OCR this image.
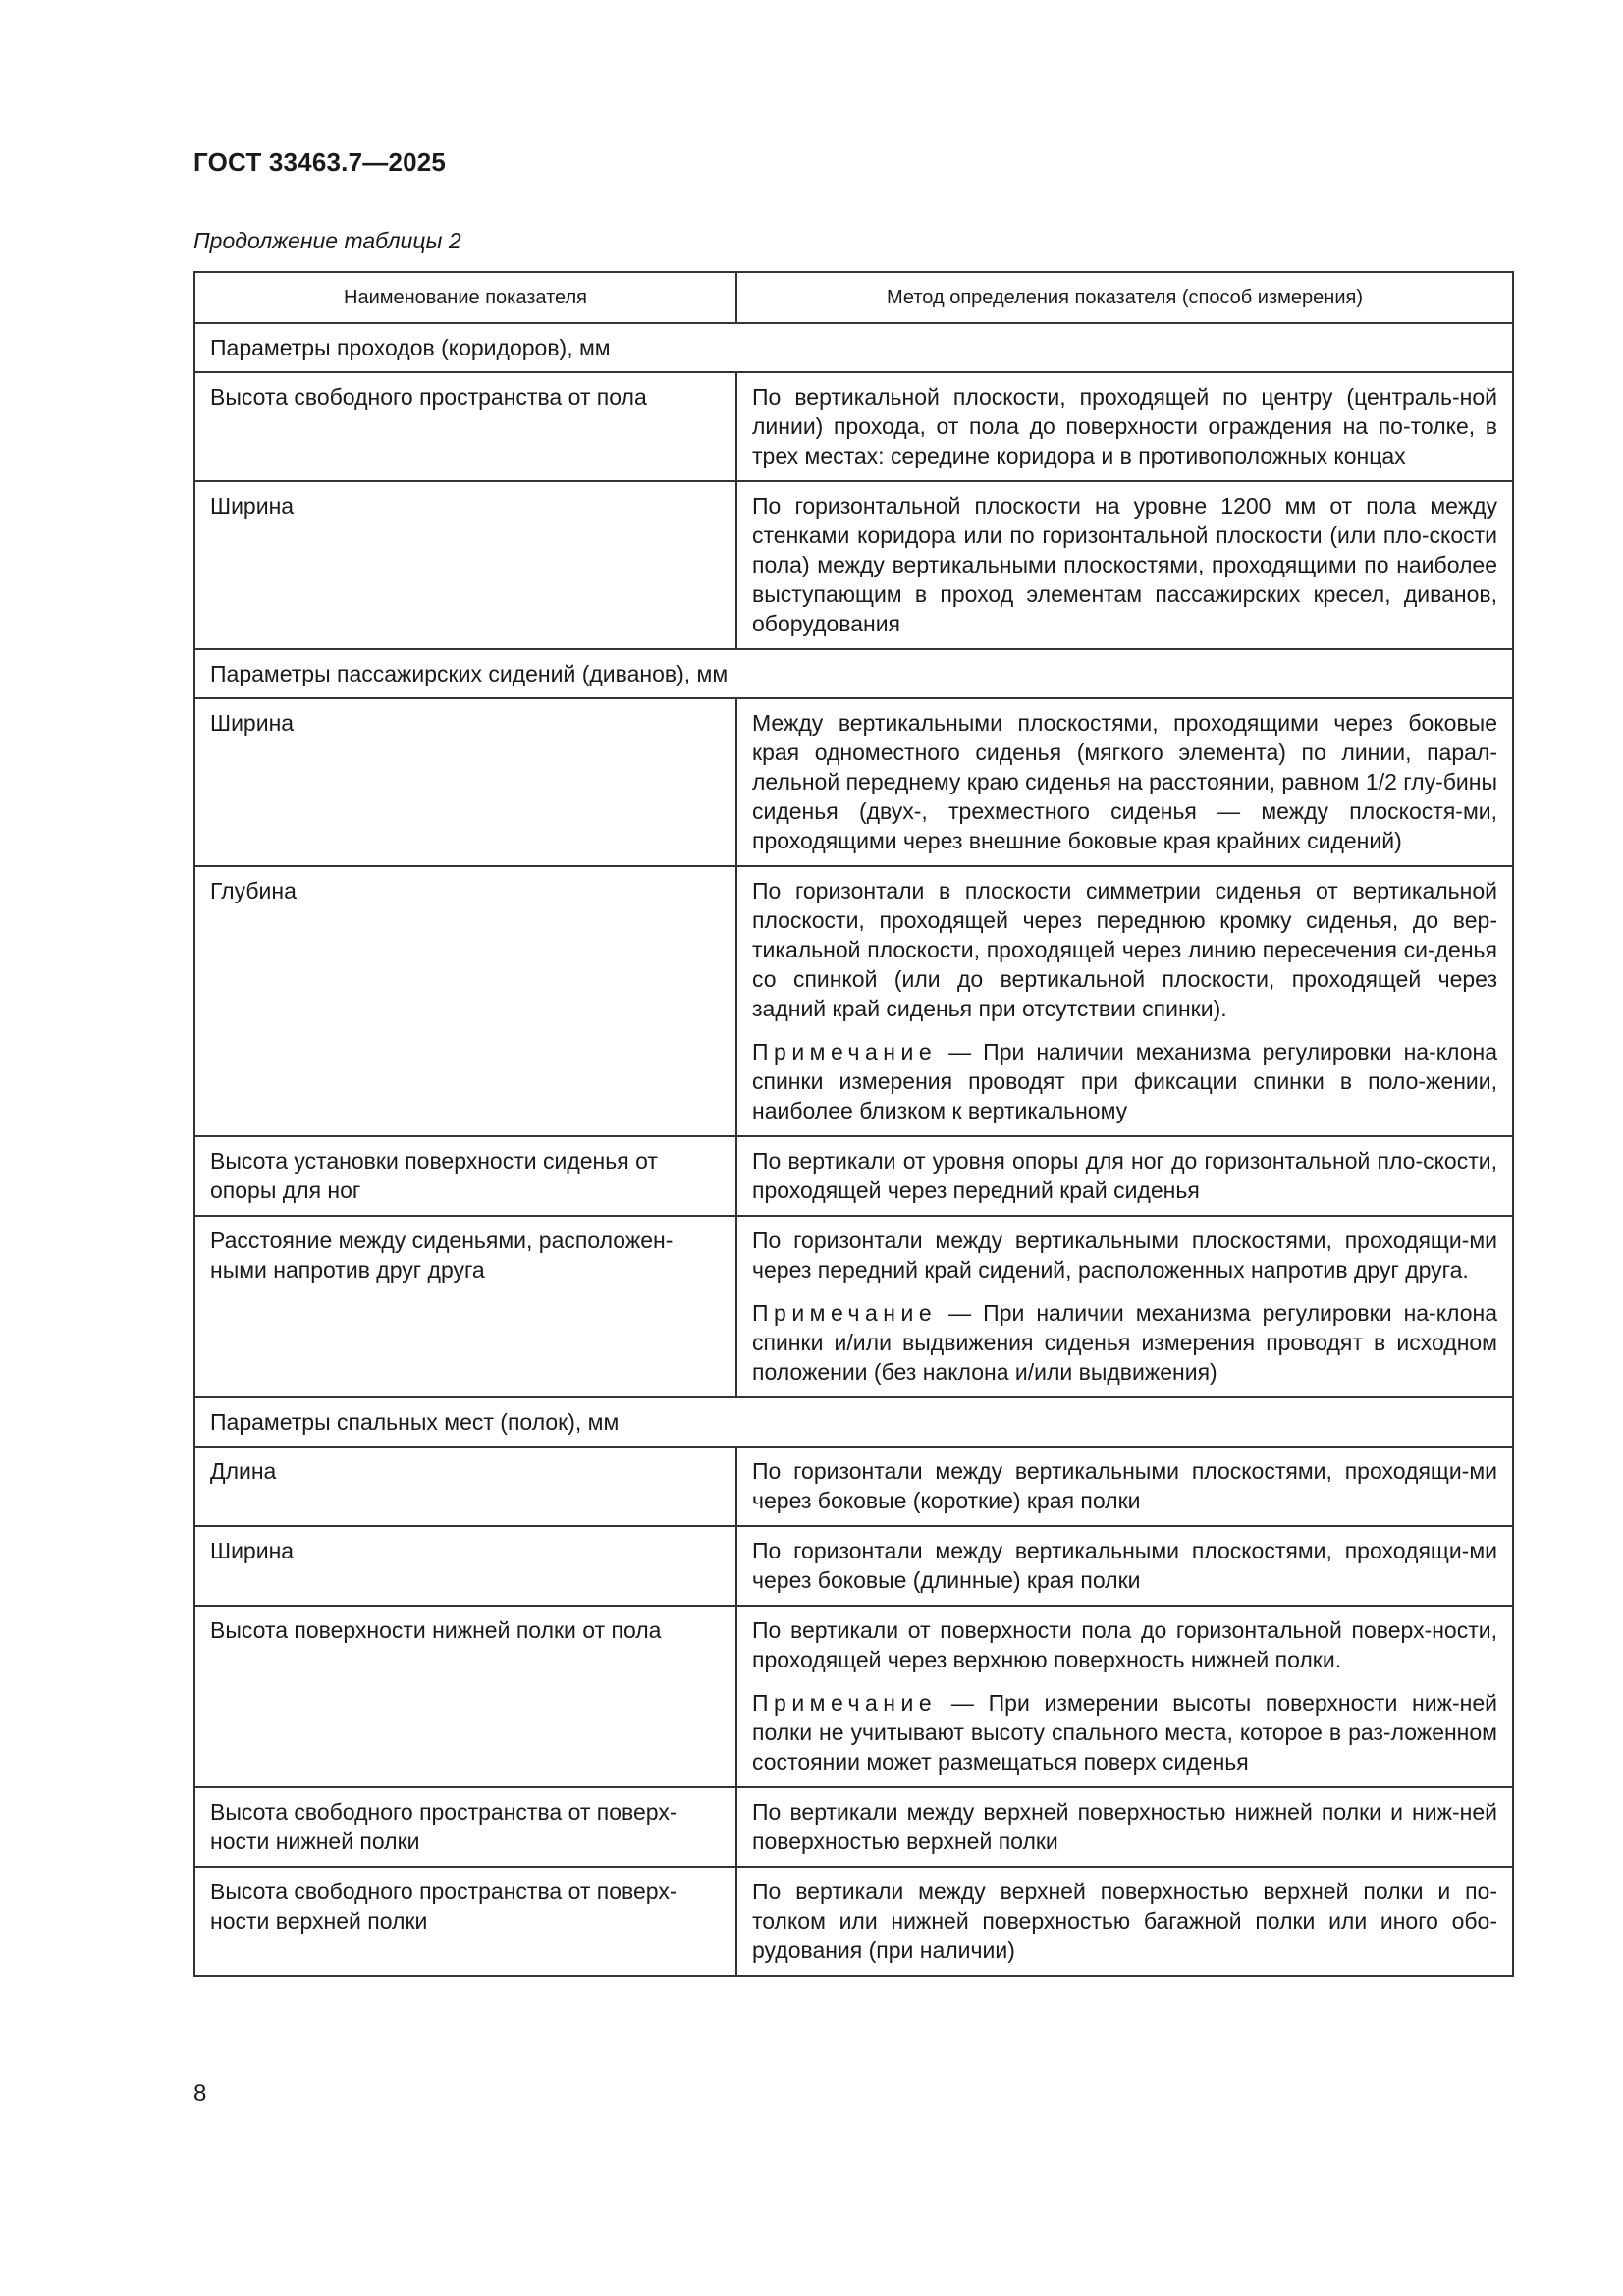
ГОСТ 33463.7—2025
Продолжение таблицы 2
Наименование показателя	Метод определения показателя (способ измерения)
Параметры проходов (коридоров), мм	
Высота свободного пространства от пола	По вертикальной плоскости, проходящей по центру (централь-ной линии) прохода, от пола до поверхности ограждения на по-толке, в трех местах: середине коридора и в противоположных концах
Ширина	По горизонтальной плоскости на уровне 1200 мм от пола между стенками коридора или по горизонтальной плоскости (или пло-скости пола) между вертикальными плоскостями, проходящими по наиболее выступающим в проход элементам пассажирских кресел, диванов, оборудования
Параметры пассажирских сидений (диванов), мм	
Ширина	Между вертикальными плоскостями, проходящими через боковые края одноместного сиденья (мягкого элемента) по линии, парал-лельной переднему краю сиденья на расстоянии, равном 1/2 глу-бины сиденья (двух-, трехместного сиденья — между плоскостя-ми, проходящими через внешние боковые края крайних сидений)
Глубина	По горизонтали в плоскости симметрии сиденья от вертикальной плоскости, проходящей через переднюю кромку сиденья, до вер-тикальной плоскости, проходящей через линию пересечения си-денья со спинкой (или до вертикальной плоскости, проходящей через задний край сиденья при отсутствии спинки).
Примечание — При наличии механизма регулировки на-клона спинки измерения проводят при фиксации спинки в поло-жении, наиболее близком к вертикальному

Высота установки поверхности сиденья от опоры для ног	По вертикали от уровня опоры для ног до горизонтальной пло-скости, проходящей через передний край сиденья
Расстояние между сиденьями, расположен-ными напротив друг друга	По горизонтали между вертикальными плоскостями, проходящи-ми через передний край сидений, расположенных напротив друг друга.
Примечание — При наличии механизма регулировки на-клона спинки и/или выдвижения сиденья измерения проводят в исходном положении (без наклона и/или выдвижения)

Параметры спальных мест (полок), мм	
Длина	По горизонтали между вертикальными плоскостями, проходящи-ми через боковые (короткие) края полки
Ширина	По горизонтали между вертикальными плоскостями, проходящи-ми через боковые (длинные) края полки
Высота поверхности нижней полки от пола	По вертикали от поверхности пола до горизонтальной поверх-ности, проходящей через верхнюю поверхность нижней полки.
Примечание — При измерении высоты поверхности ниж-ней полки не учитывают высоту спального места, которое в раз-ложенном состоянии может размещаться поверх сиденья

Высота свободного пространства от поверх-ности нижней полки	По вертикали между верхней поверхностью нижней полки и ниж-ней поверхностью верхней полки
Высота свободного пространства от поверх-ности верхней полки	По вертикали между верхней поверхностью верхней полки и по-толком или нижней поверхностью багажной полки или иного обо-рудования (при наличии)
8
